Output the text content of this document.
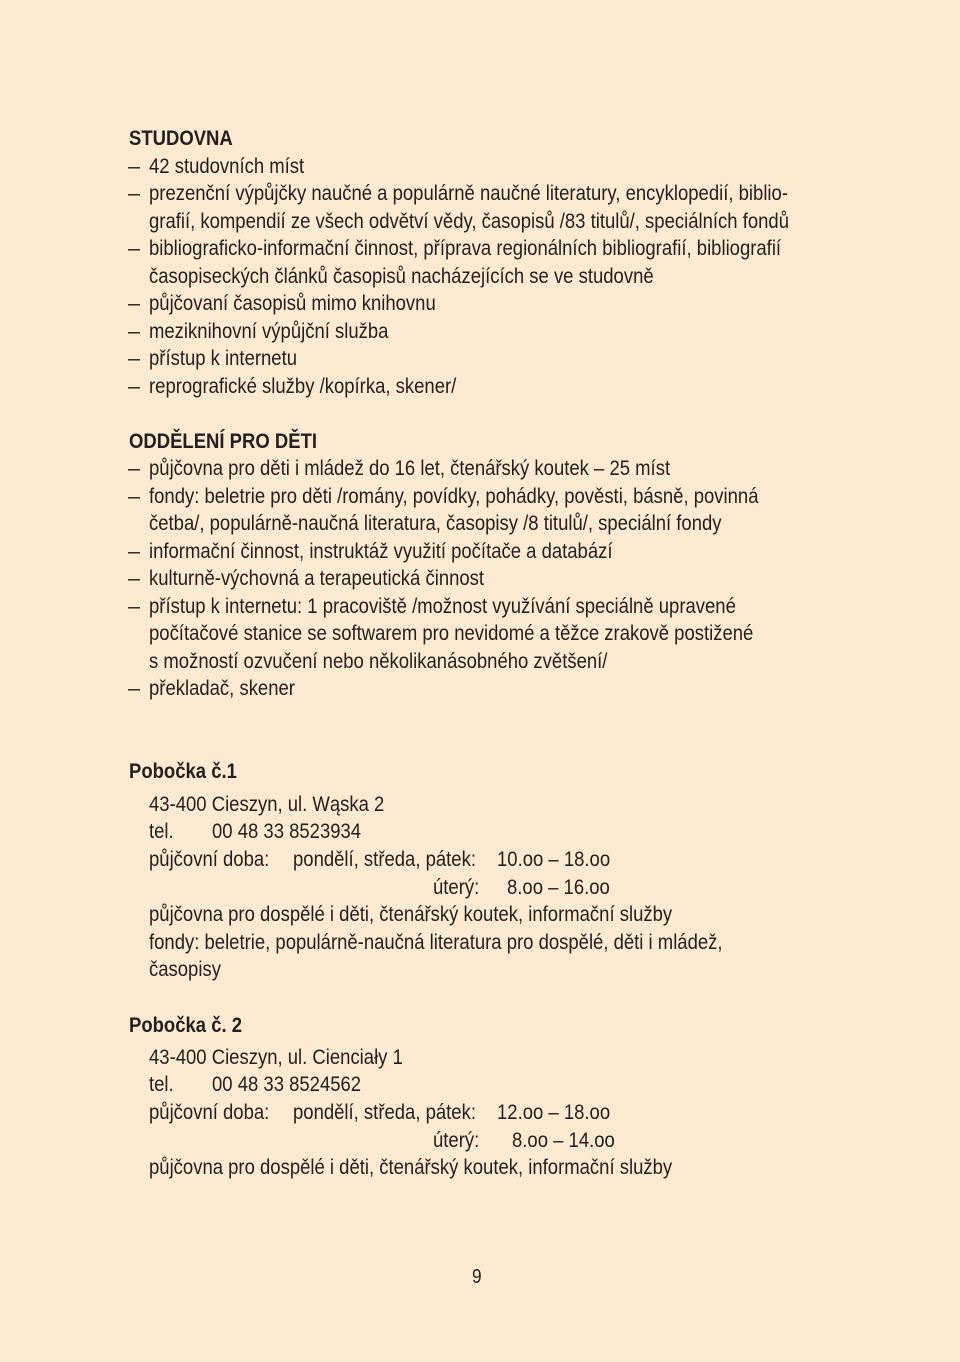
STUDOVNA
– 42 studovních míst
– prezenční výpůjčky naučné a populárně naučné literatury, encyklopedií, biblio-
grafií, kompendií ze všech odvětví vědy, časopisů /83 titulů/, speciálních fondů
– bibliograficko-informační činnost, příprava regionálních bibliografií, bibliografií
časopiseckých článků časopisů nacházejících se ve studovně
– půjčovaní časopisů mimo knihovnu
– meziknihovní výpůjční služba
– přístup k internetu
– reprografické služby /kopírka, skener/
ODDĚLENÍ PRO DĚTI
– půjčovna pro děti i mládež do 16 let, čtenářský koutek – 25 míst
– fondy: beletrie pro děti /romány, povídky, pohádky, pověsti, básně, povinná
četba/, populárně-naučná literatura, časopisy /8 titulů/, speciální fondy
– informační činnost, instruktáž využití počítače a databází
– kulturně-výchovná a terapeutická činnost
– přístup k internetu: 1 pracoviště /možnost využívání speciálně upravené
počítačové stanice se softwarem pro nevidomé a těžce zrakově postižené
s možností ozvučení nebo několikanásobného zvětšení/
– překladač, skener
Pobočka č.1
43-400 Cieszyn, ul. Wąska 2
tel. 00 48 33 8523934
půjčovní doba: pondělí, středa, pátek: 10.oo – 18.oo
úterý: 8.oo – 16.oo
půjčovna pro dospělé i děti, čtenářský koutek, informační služby
fondy: beletrie, populárně-naučná literatura pro dospělé, děti i mládež,
časopisy
Pobočka č. 2
43-400 Cieszyn, ul. Cienciały 1
tel. 00 48 33 8524562
půjčovní doba: pondělí, středa, pátek: 12.oo – 18.oo
úterý: 8.oo – 14.oo
půjčovna pro dospělé i děti, čtenářský koutek, informační služby
9
